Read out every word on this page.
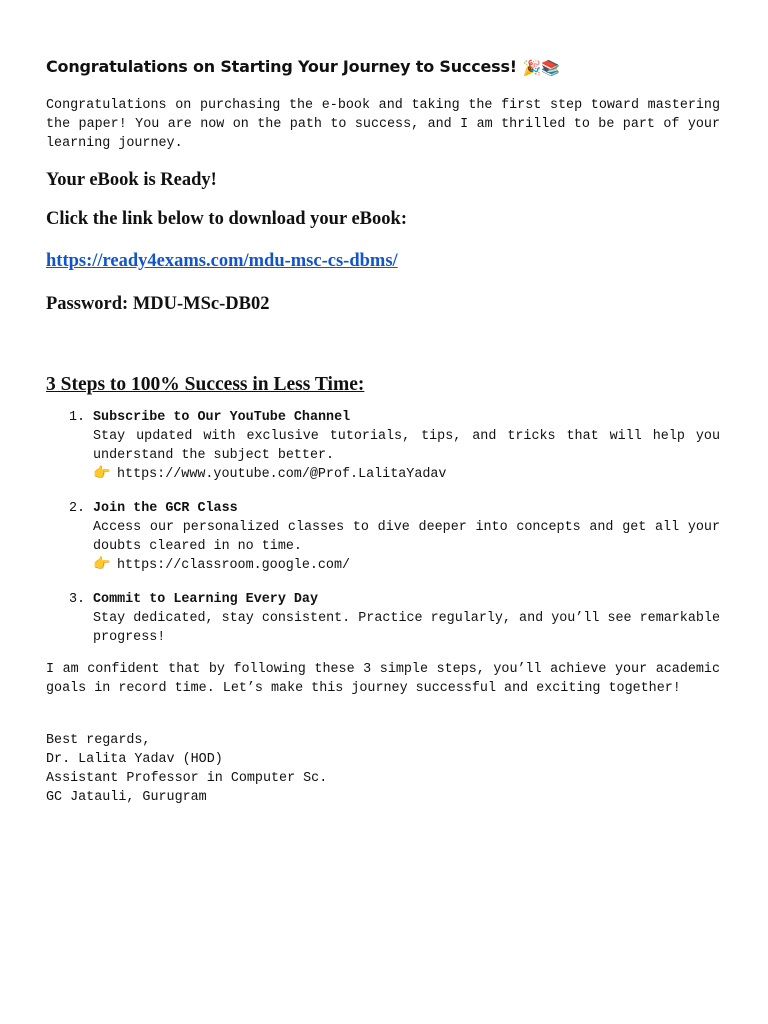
Congratulations on Starting Your Journey to Success! 🎉📚

Congratulations on purchasing the e-book and taking the first step toward mastering the paper! You are now on the path to success, and I am thrilled to be part of your learning journey.

Your eBook is Ready!

Click the link below to download your eBook:

https://ready4exams.com/mdu-msc-cs-dbms/

Password: MDU-MSc-DB02

3 Steps to 100% Success in Less Time:

1. Subscribe to Our YouTube Channel
Stay updated with exclusive tutorials, tips, and tricks that will help you understand the subject better.
👉 https://www.youtube.com/@Prof.LalitaYadav
2. Join the GCR Class
Access our personalized classes to dive deeper into concepts and get all your doubts cleared in no time.
👉 https://classroom.google.com/
3. Commit to Learning Every Day
Stay dedicated, stay consistent. Practice regularly, and you’ll see remarkable progress!

I am confident that by following these 3 simple steps, you’ll achieve your academic goals in record time. Let’s make this journey successful and exciting together!

Best regards,
Dr. Lalita Yadav (HOD)
Assistant Professor in Computer Sc.
GC Jatauli, Gurugram
